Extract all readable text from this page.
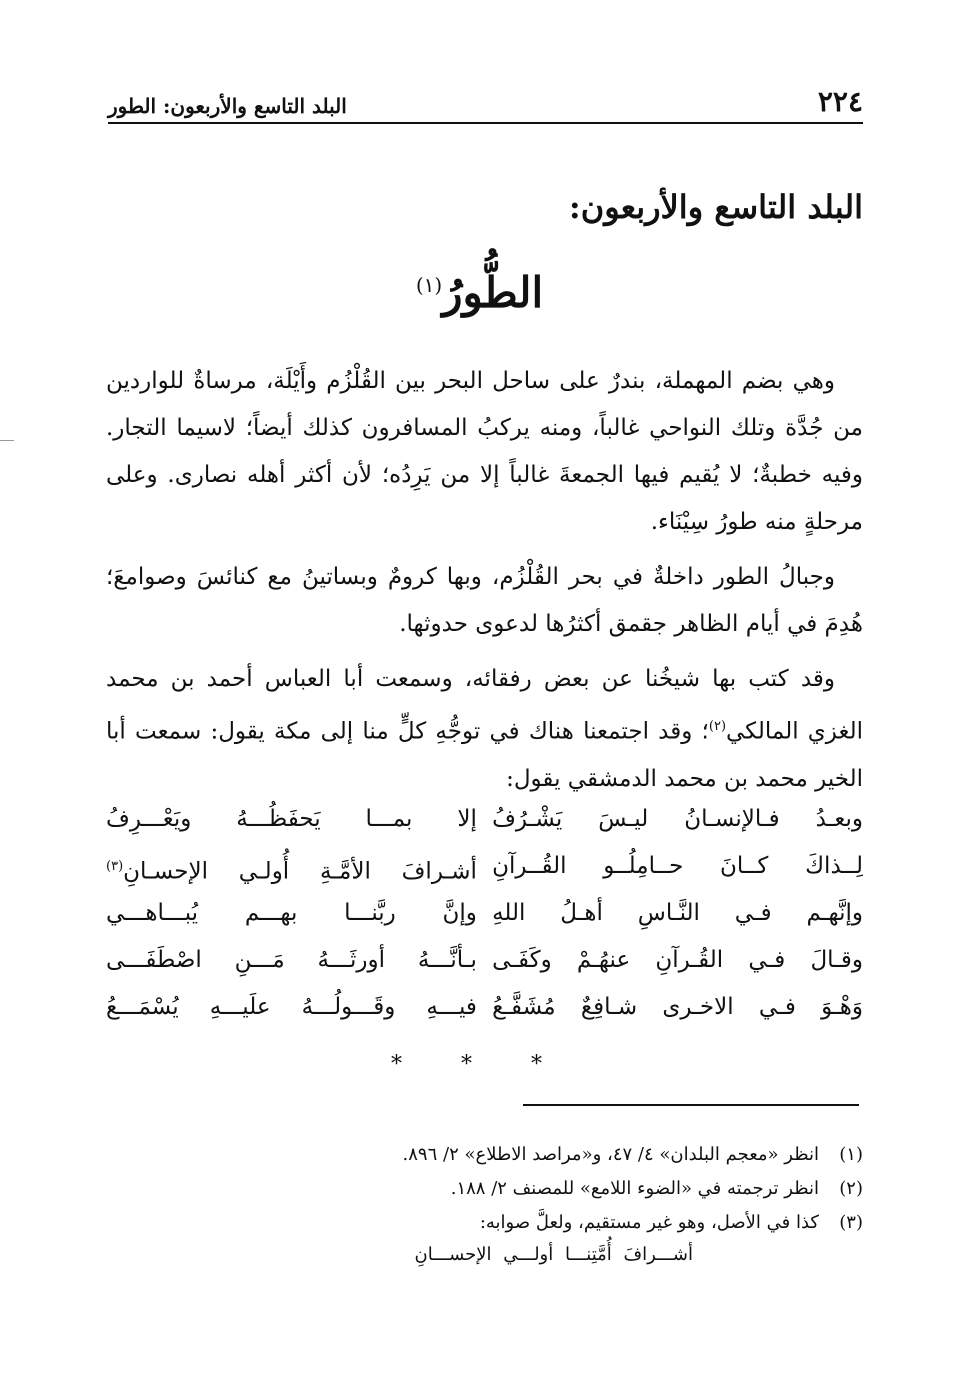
٢٢٤
البلد التاسع والأربعون: الطور
البلد التاسع والأربعون:
الطُّورُ$^{(١)}$

وهي بضم المهملة، بندرٌ على ساحل البحر بين القُلْزُم وأَيْلَة، مرساةٌ للواردين من جُدَّة وتلك النواحي غالباً، ومنه يركبُ المسافرون كذلك أيضاً؛ لاسيما التجار. وفيه خطبةٌ؛ لا يُقيم فيها الجمعةَ غالباً إلا من يَرِدُه؛ لأن أكثر أهله نصارى. وعلى مرحلةٍ منه طورُ سِيْنَاء.

وجبالُ الطور داخلةٌ في بحر القُلْزُم، وبها كرومٌ وبساتينُ مع كنائسَ وصوامعَ؛ هُدِمَ في أيام الظاهر جقمق أكثرُها لدعوى حدوثها.

وقد كتب بها شيخُنا عن بعض رفقائه، وسمعت أبا العباس أحمد بن محمد الغزي المالكي$^{(٢)}$؛ وقد اجتمعنا هناك في توجُّهِ كلٍّ منا إلى مكة يقول: سمعت أبا الخير محمد بن محمد الدمشقي يقول:

وبعـدُ فـالإنسـانُ ليـسَ يَشْـرُفُ
إلا بمـــا يَحفَظُـــهُ ويَعْـــرِفُ
لِــذاكَ كــانَ حــامِلُــو القُــرآنِ
أشـرافَ الأمَّـةِ أُولـي الإحسـانِ$^{(٣)}$
وإنَّهـم فـي النَّـاسِ أهـلُ اللهِ
وإنَّ ربَّنـــا بهـــم يُبـــاهـــي
وقـالَ فـي القُـرآنِ عنهُـمْ وكَفَـى
بـأنَّـــهُ أورثَـــهُ مَـــنِ اصْطَفَـــى
وَهْـوَ فـي الاخـرى شـافِعٌ مُشَفَّـعُ
فيـــهِ وقَـــولُـــهُ علَيـــهِ يُسْمَـــعُ
* * *
(١)
انظر «معجم البلدان» ٤/ ٤٧، و«مراصد الاطلاع» ٢/ ٨٩٦.
(٢)
انظر ترجمته في «الضوء اللامع» للمصنف ٢/ ١٨٨.
(٣)
كذا في الأصل، وهو غير مستقيم، ولعلَّ صوابه:
أشـــرافَ أُمَّتِنـــا أولـــي الإحســـانِ
